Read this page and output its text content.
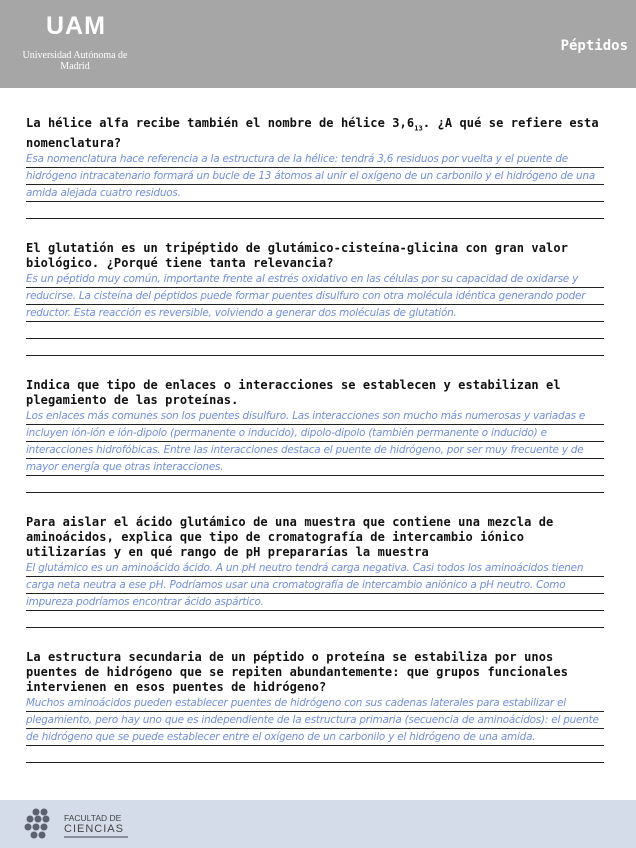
UAM
Universidad Autónoma de Madrid
Péptidos
La hélice alfa recibe también el nombre de hélice $3,6_{13}$. ¿A qué se refiere esta nomenclatura?
Esa nomenclatura hace referencia a la estructura de la hélice: tendrá 3,6 residuos por vuelta y el puente de hidrógeno intracatenario formará un bucle de 13 átomos al unir el oxígeno de un carbonilo y el hidrógeno de una amida alejada cuatro residuos.
El glutatión es un tripéptido de glutámico-cisteína-glicina con gran valor biológico. ¿Porqué tiene tanta relevancia?
Es un péptido muy común, importante frente al estrés oxidativo en las células por su capacidad de oxidarse y reducirse. La cisteína del péptidos puede formar puentes disulfuro con otra molécula idéntica generando poder reductor. Esta reacción es reversible, volviendo a generar dos moléculas de glutatión.
Indica que tipo de enlaces o interacciones se establecen y estabilizan el plegamiento de las proteínas.
Los enlaces más comunes son los puentes disulfuro. Las interacciones son mucho más numerosas y variadas e incluyen ión-ión e ión-dipolo (permanente o inducido), dipolo-dipolo (también permanente o inducido) e interacciones hidrofóbicas. Entre las interacciones destaca el puente de hidrógeno, por ser muy frecuente y de mayor energía que otras interacciones.
Para aislar el ácido glutámico de una muestra que contiene una mezcla de aminoácidos, explica que tipo de cromatografía de intercambio iónico utilizarías y en qué rango de pH prepararías la muestra
El glutámico es un aminoácido ácido. A un pH neutro tendrá carga negativa. Casi todos los aminoácidos tienen carga neta neutra a ese pH. Podríamos usar una cromatografía de intercambio aniónico a pH neutro. Como impureza podríamos encontrar ácido aspártico.
La estructura secundaria de un péptido o proteína se estabiliza por unos puentes de hidrógeno que se repiten abundantemente: que grupos funcionales intervienen en esos puentes de hidrógeno?
Muchos aminoácidos pueden establecer puentes de hidrógeno con sus cadenas laterales para estabilizar el plegamiento, pero hay uno que es independiente de la estructura primaria (secuencia de aminoácidos): el puente de hidrógeno que se puede establecer entre el oxígeno de un carbonilo y el hidrógeno de una amida.
FACULTAD DE
CIENCIAS
